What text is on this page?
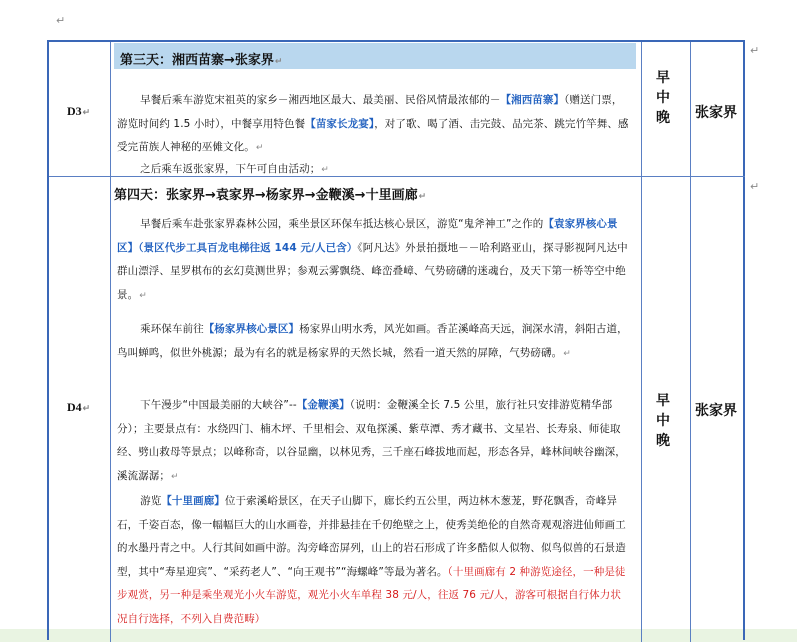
↵
↵
↵
D3↵
第三天：湘西苗寨→张家界↵
早餐后乘车游览宋祖英的家乡－湘西地区最大、最美丽、民俗风情最浓郁的－【湘西苗寨】（赠送门票，游览时间约 1.5 小时），中餐享用特色餐【苗家长龙宴】，对了歌、喝了酒、击完鼓、品完茶、跳完竹竿舞、感受完苗族人神秘的巫傩文化。↵
之后乘车返张家界，下午可自由活动；↵
早
中
晚	张家界
D4↵
第四天：张家界→袁家界→杨家界→金鞭溪→十里画廊↵
早餐后乘车赴张家界森林公园，乘坐景区环保车抵达核心景区，游览“鬼斧神工”之作的【袁家界核心景区】（景区代步工具百龙电梯往返 144 元/人已含）《阿凡达》外景拍摄地－－哈利路亚山，探寻影视阿凡达中群山漂浮、星罗棋布的玄幻莫测世界；参观云雾飘绕、峰峦叠嶂、气势磅礴的迷魂台，及天下第一桥等空中绝景。↵
乘环保车前往【杨家界核心景区】杨家界山明水秀，风光如画。香芷溪峰高天远，涧深水清，斜阳古道，鸟叫蝉鸣，似世外桃源；最为有名的就是杨家界的天然长城，然看一道天然的屏障，气势磅礴。↵
下午漫步“中国最美丽的大峡谷”--【金鞭溪】（说明：金鞭溪全长 7.5 公里，旅行社只安排游览精华部分）；主要景点有：水绕四门、楠木坪、千里相会、双龟探溪、紫草潭、秀才藏书、文星岩、长寿泉、师徒取经、劈山救母等景点；以峰称奇，以谷显幽，以林见秀，三千座石峰拔地而起，形态各异，峰林间峡谷幽深，溪流潺潺；↵
游览【十里画廊】位于索溪峪景区，在天子山脚下，廊长约五公里，两边林木葱茏，野花飘香，奇峰异石，千姿百态，像一幅幅巨大的山水画卷，并排悬挂在千仞绝壁之上，使秀美绝伦的自然奇观观溶进仙师画工的水墨丹青之中。人行其间如画中游。沟旁峰峦屏列，山上的岩石形成了许多酷似人似物、似鸟似兽的石景造型，其中“寿星迎宾”、“采药老人”、“向王观书”“海螺峰”等最为著名。（十里画廊有 2 种游览途径，一种是徒步观赏，另一种是乘坐观光小火车游览，观光小火车单程 38 元/人，往返 76 元/人，游客可根据自行体力状况自行选择，不列入自费范畴）
早
中
晚
张家界
